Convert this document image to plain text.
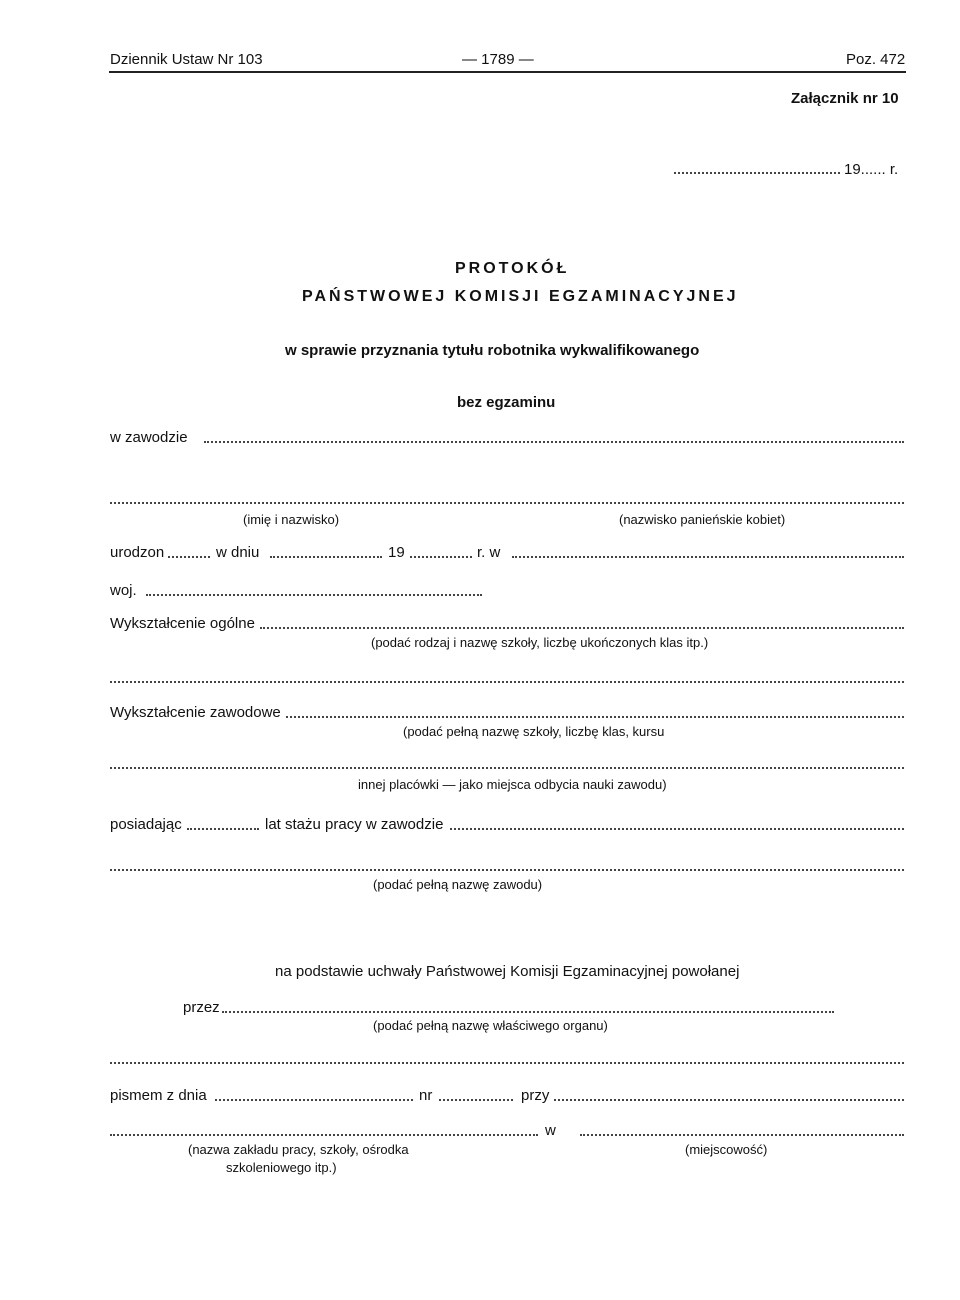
Dziennik Ustaw Nr 103	— 1789 —	Poz. 472
Załącznik nr 10
19...... r.
PROTOKÓŁ
PAŃSTWOWEJ KOMISJI EGZAMINACYJNEJ
w sprawie przyznania tytułu robotnika wykwalifikowanego
bez egzaminu
w zawodzie
(imię i nazwisko)	(nazwisko panieńskie kobiet)
urodzon	w dniu	19	r. w
woj.
Wykształcenie ogólne
(podać rodzaj i nazwę szkoły, liczbę ukończonych klas itp.)
Wykształcenie zawodowe
(podać pełną nazwę szkoły, liczbę klas, kursu
innej placówki — jako miejsca odbycia nauki zawodu)
posiadając	lat stażu pracy w zawodzie
(podać pełną nazwę zawodu)
na podstawie uchwały Państwowej Komisji Egzaminacyjnej powołanej
przez
(podać pełną nazwę właściwego organu)
pismem z dnia	nr	przy
w
(nazwa zakładu pracy, szkoły, ośrodka
szkoleniowego itp.)
(miejscowość)
